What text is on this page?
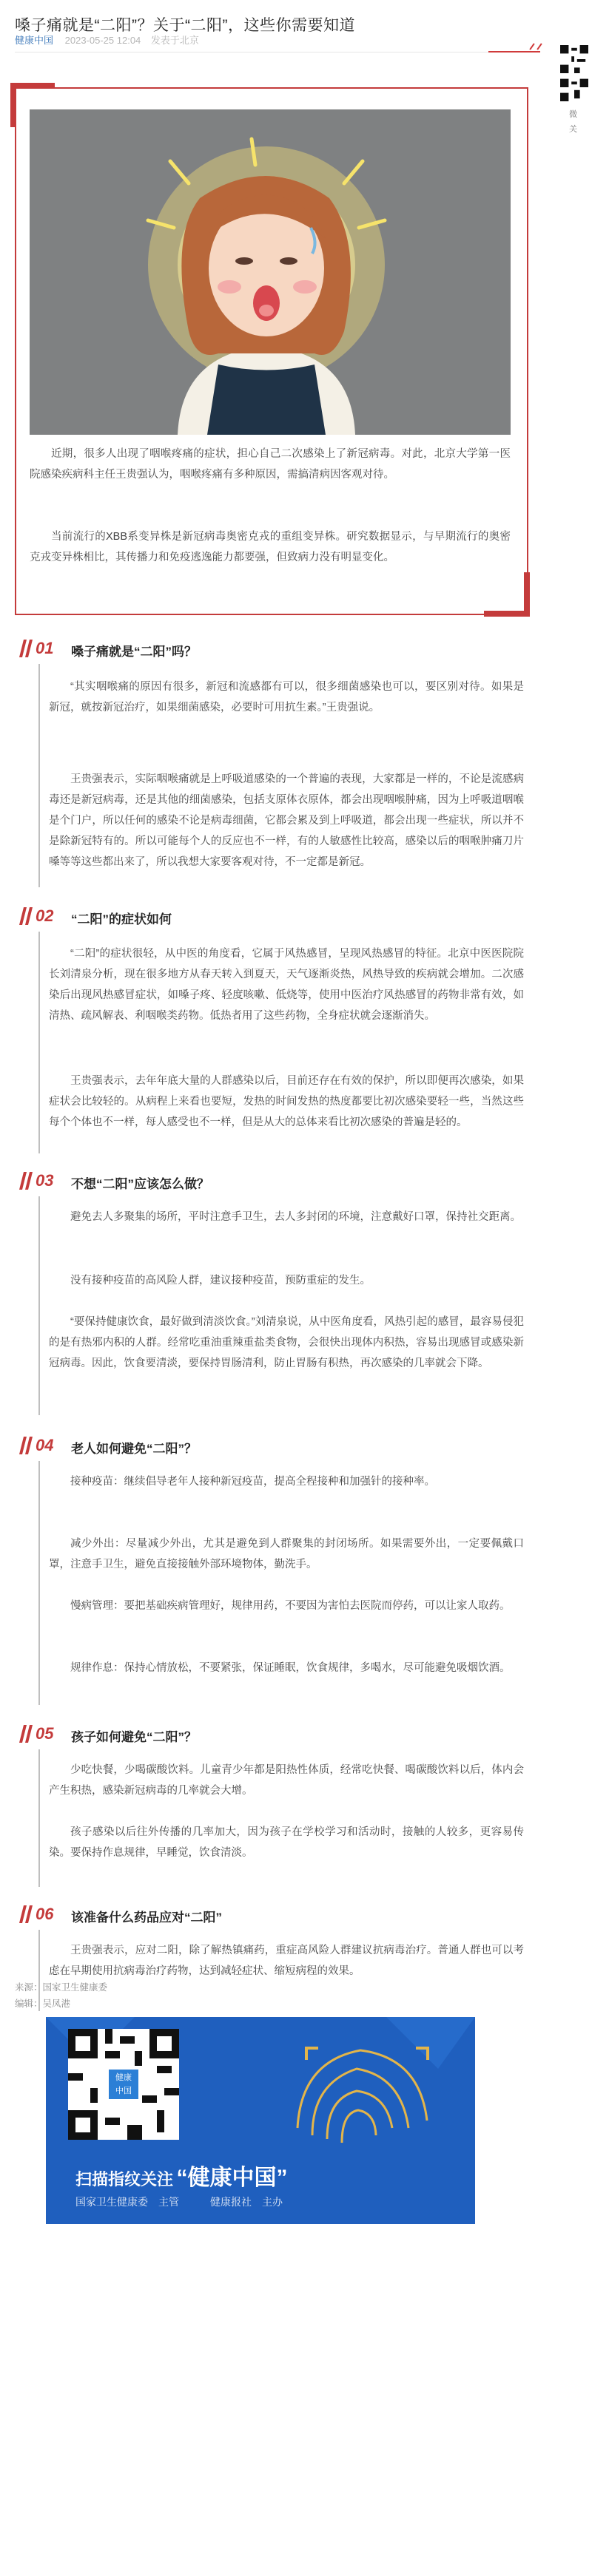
嗓子痛就是“二阳”？关于“二阳”，这些你需要知道
健康中国 2023-05-25 12:04 发表于北京

近期，很多人出现了咽喉疼痛的症状，担心自己二次感染上了新冠病毒。对此，北京大学第一医院感染疾病科主任王贵强认为，咽喉疼痛有多种原因，需搞清病因客观对待。

当前流行的XBB系变异株是新冠病毒奥密克戎的重组变异株。研究数据显示，与早期流行的奥密克戎变异株相比，其传播力和免疫逃逸能力都要强，但致病力没有明显变化。

01 嗓子痛就是“二阳”吗？

“其实咽喉痛的原因有很多，新冠和流感都有可以，很多细菌感染也可以，要区别对待。如果是新冠，就按新冠治疗，如果细菌感染，必要时可用抗生素。”王贵强说。

王贵强表示，实际咽喉痛就是上呼吸道感染的一个普遍的表现，大家都是一样的，不论是流感病毒还是新冠病毒，还是其他的细菌感染，包括支原体衣原体，都会出现咽喉肿痛，因为上呼吸道咽喉是个门户，所以任何的感染不论是病毒细菌，它都会累及到上呼吸道，都会出现一些症状，所以并不是除新冠特有的。所以可能每个人的反应也不一样，有的人敏感性比较高，感染以后的咽喉肿痛刀片嗓等等这些都出来了，所以我想大家要客观对待，不一定都是新冠。

02 “二阳”的症状如何

“二阳”的症状很轻，从中医的角度看，它属于风热感冒，呈现风热感冒的特征。北京中医医院院长刘清泉分析，现在很多地方从春天转入到夏天，天气逐渐炎热，风热导致的疾病就会增加。二次感染后出现风热感冒症状，如嗓子疼、轻度咳嗽、低烧等，使用中医治疗风热感冒的药物非常有效，如清热、疏风解表、利咽喉类药物。低热者用了这些药物，全身症状就会逐渐消失。

王贵强表示，去年年底大量的人群感染以后，目前还存在有效的保护，所以即便再次感染，如果症状会比较轻的。从病程上来看也要短，发热的时间发热的热度都要比初次感染要轻一些，当然这些每个个体也不一样，每人感受也不一样，但是从大的总体来看比初次感染的普遍是轻的。

03 不想“二阳”应该怎么做？

避免去人多聚集的场所，平时注意手卫生，去人多封闭的环境，注意戴好口罩，保持社交距离。

没有接种疫苗的高风险人群，建议接种疫苗，预防重症的发生。

“要保持健康饮食，最好做到清淡饮食。”刘清泉说，从中医角度看，风热引起的感冒，最容易侵犯的是有热邪内积的人群。经常吃重油重辣重盐类食物，会很快出现体内积热，容易出现感冒或感染新冠病毒。因此，饮食要清淡，要保持胃肠清利，防止胃肠有积热，再次感染的几率就会下降。

04 老人如何避免“二阳”？

接种疫苗：继续倡导老年人接种新冠疫苗，提高全程接种和加强针的接种率。

减少外出：尽量减少外出，尤其是避免到人群聚集的封闭场所。如果需要外出，一定要佩戴口罩，注意手卫生，避免直接接触外部环境物体，勤洗手。

慢病管理：要把基础疾病管理好，规律用药，不要因为害怕去医院而停药，可以让家人取药。

规律作息：保持心情放松，不要紧张，保证睡眠，饮食规律，多喝水，尽可能避免吸烟饮酒。

05 孩子如何避免“二阳”？

少吃快餐，少喝碳酸饮料。儿童青少年都是阳热性体质，经常吃快餐、喝碳酸饮料以后，体内会产生积热，感染新冠病毒的几率就会大增。

孩子感染以后往外传播的几率加大，因为孩子在学校学习和活动时，接触的人较多，更容易传染。要保持作息规律，早睡觉，饮食清淡。

06 该准备什么药品应对“二阳”

王贵强表示，应对二阳，除了解热镇痛药，重症高风险人群建议抗病毒治疗。普通人群也可以考虑在早期使用抗病毒治疗药物，达到减轻症状、缩短病程的效果。

来源：国家卫生健康委
编辑：吴凤港
健康
中国
扫描指纹关注 “健康中国”
国家卫生健康委　主管　　　健康报社　主办
微
关
